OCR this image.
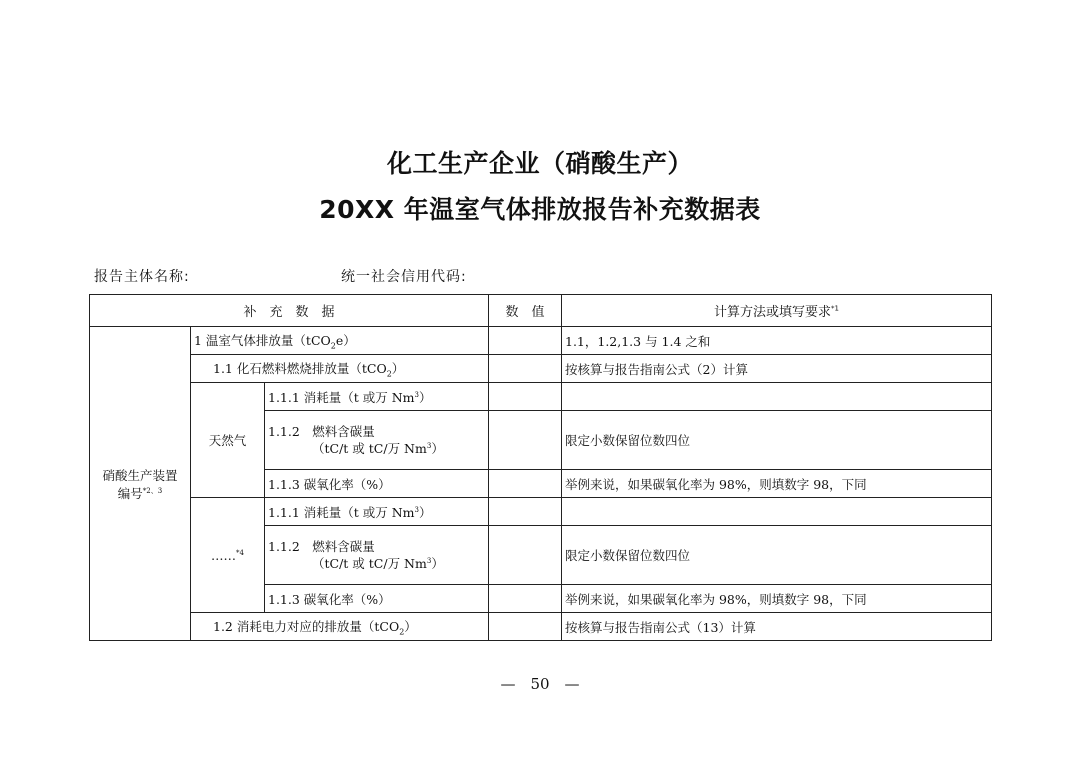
化工生产企业（硝酸生产）
20XX 年温室气体排放报告补充数据表
报告主体名称:	统一社会信用代码:
补　充　数　据			数　值	计算方法或填写要求$^{*1}$

硝酸生产装置
编号$^{*2、3}$	1 温室气体排放量（tCO$_2$e）			1.1，1.2,1.3 与 1.4 之和
	1.1 化石燃料燃烧排放量（tCO$_2$）			按核算与报告指南公式（2）计算
	天然气	1.1.1 消耗量（t 或万 Nm$^3$）		

		1.1.2　燃料含碳量
（tC/t 或 tC/万 Nm$^3$）		限定小数保留位数四位
		1.1.3 碳氧化率（%）		举例来说，如果碳氧化率为 98%，则填数字 98，下同
	……$^{*4}$	1.1.1 消耗量（t 或万 Nm$^3$）		

		1.1.2　燃料含碳量
（tC/t 或 tC/万 Nm$^3$）		限定小数保留位数四位
		1.1.3 碳氧化率（%）		举例来说，如果碳氧化率为 98%，则填数字 98，下同
	1.2 消耗电力对应的排放量（tCO$_2$）			按核算与报告指南公式（13）计算
—　50　—
